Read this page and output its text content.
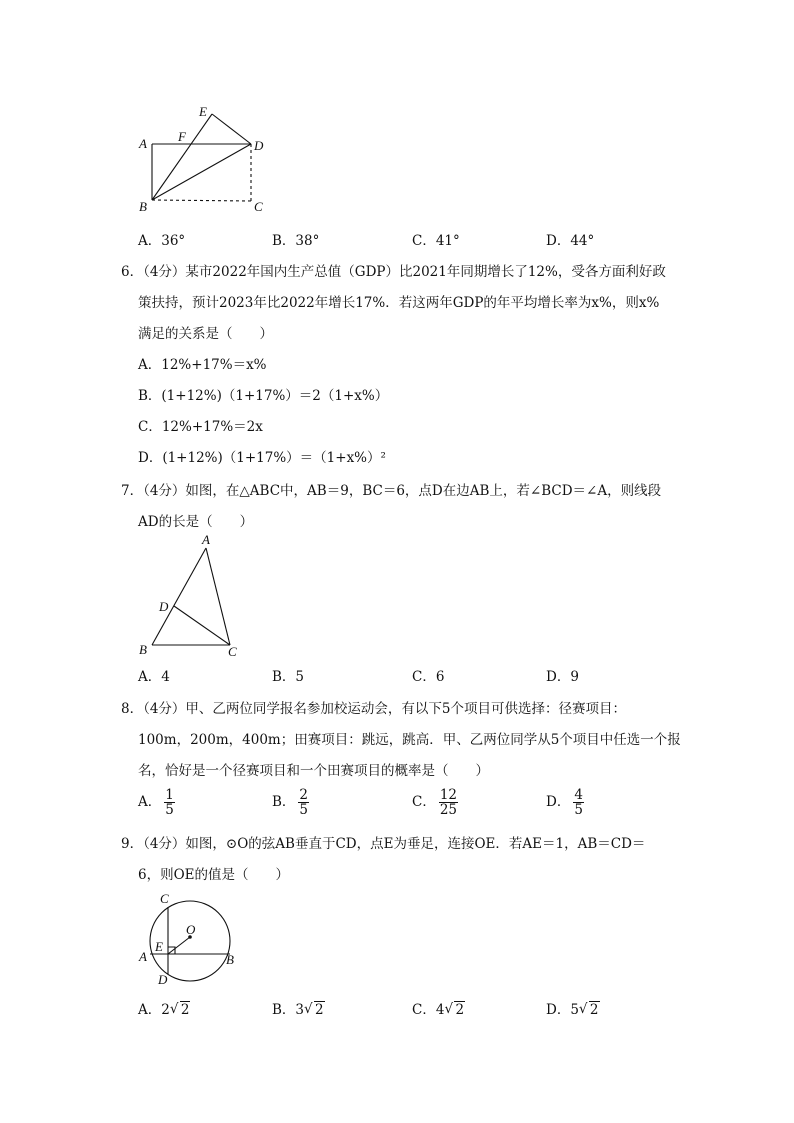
E
A F
D
B	C
A．36°	B．38°	C．41°	D．44°
6．（4分）某市2022年国内生产总值（GDP）比2021年同期增长了12%，受各方面利好政
策扶持，预计2023年比2022年增长17%．若这两年GDP的年平均增长率为x%，则x%
满足的关系是（　　）
A．12%+17%＝x%
B．(1+12%)（1+17%）＝2（1+x%）
C．12%+17%＝2x
D．(1+12%)（1+17%）＝（1+x%）²
7．（4分）如图，在△ABC中，AB＝9，BC＝6，点D在边AB上，若∠BCD＝∠A，则线段
AD的长是（　　）
A
D
B	C
A．4	B．5	C．6	D．9
8．（4分）甲、乙两位同学报名参加校运动会，有以下5个项目可供选择：径赛项目：
100m，200m，400m；田赛项目：跳远，跳高．甲、乙两位同学从5个项目中任选一个报
名，恰好是一个径赛项目和一个田赛项目的概率是（　　）
A． $\frac{1}{5}$	B． $\frac{2}{5}$	C． $\frac{12}{25}$	D． $\frac{4}{5}$
9．（4分）如图，⊙O的弦AB垂直于CD，点E为垂足，连接OE．若AE＝1，AB＝CD＝
6，则OE的值是（　　）
C
O
E
A	B
D
A．2 √ 2	B．3 √ 2	C．4 √ 2	D．5 √ 2
